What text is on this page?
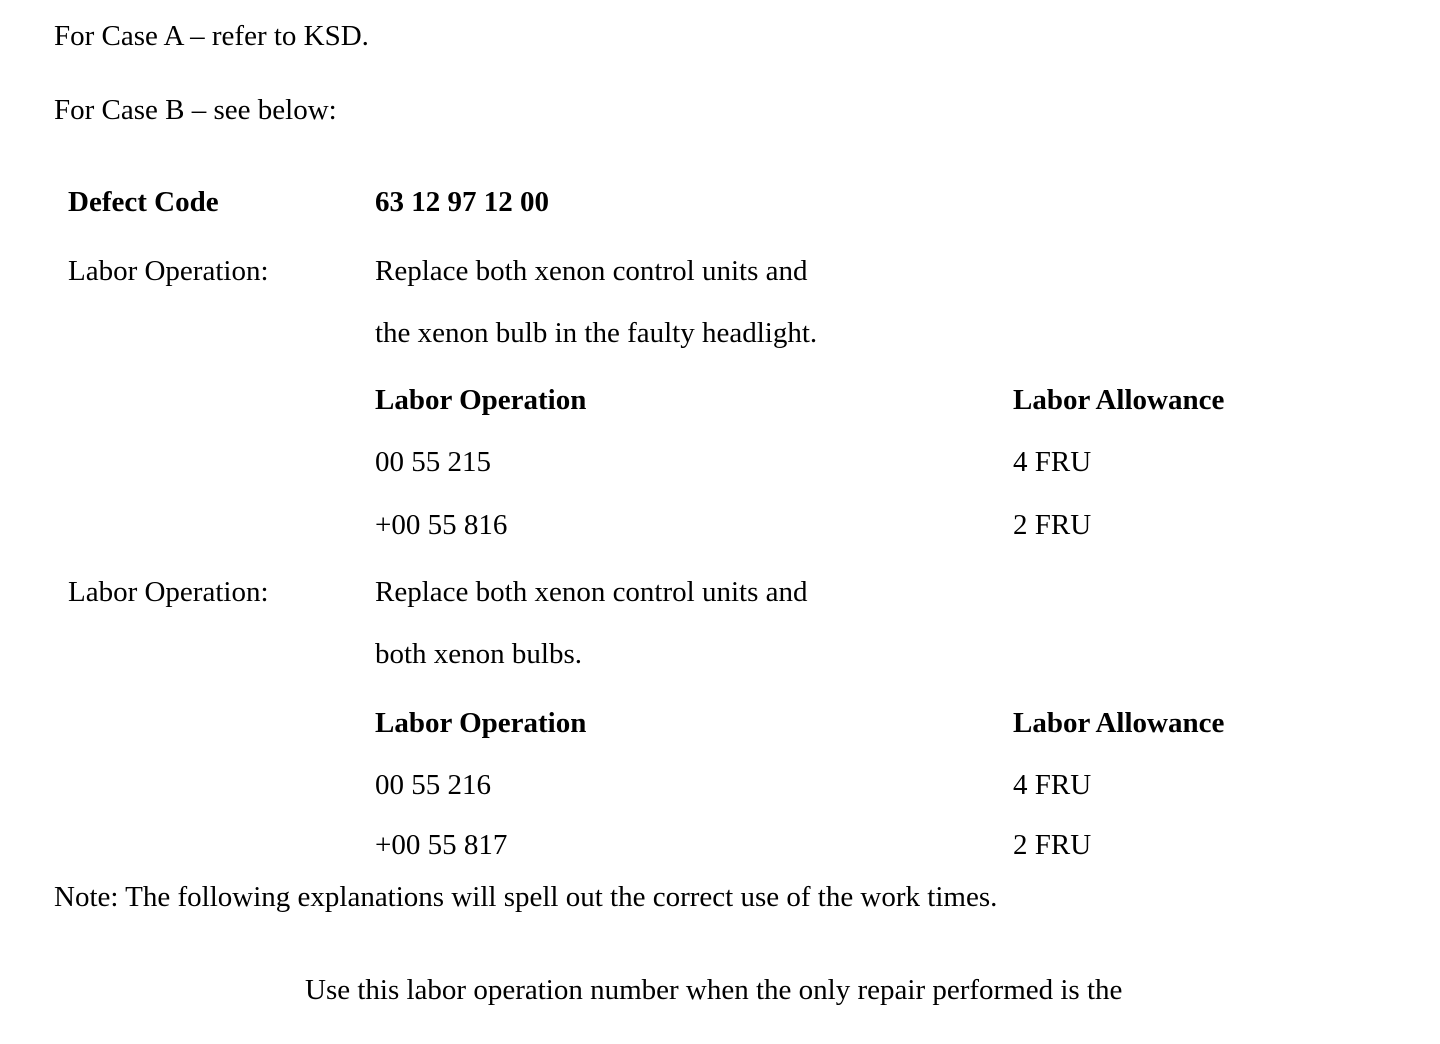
For Case A – refer to KSD.
For Case B – see below:
Defect Code	63 12 97 12 00
Labor Operation:	Replace both xenon control units and
the xenon bulb in the faulty headlight.
Labor Operation	Labor Allowance
00 55 215	4 FRU
+00 55 816	2 FRU
Labor Operation:	Replace both xenon control units and
both xenon bulbs.
Labor Operation	Labor Allowance
00 55 216	4 FRU
+00 55 817	2 FRU
Note: The following explanations will spell out the correct use of the work times.
Use this labor operation number when the only repair performed is the
